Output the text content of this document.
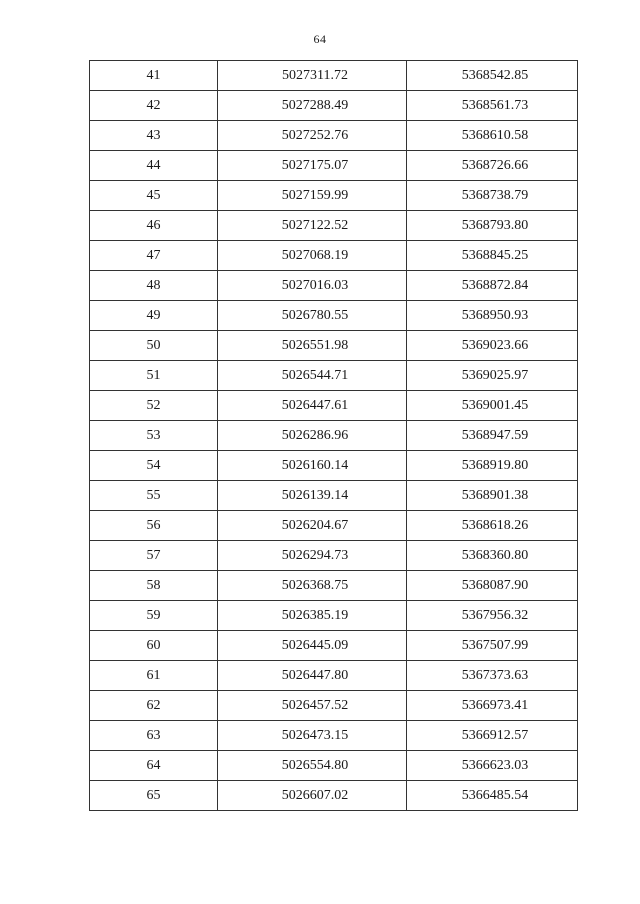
64
41	5027311.72	5368542.85
42	5027288.49	5368561.73
43	5027252.76	5368610.58
44	5027175.07	5368726.66
45	5027159.99	5368738.79
46	5027122.52	5368793.80
47	5027068.19	5368845.25
48	5027016.03	5368872.84
49	5026780.55	5368950.93
50	5026551.98	5369023.66
51	5026544.71	5369025.97
52	5026447.61	5369001.45
53	5026286.96	5368947.59
54	5026160.14	5368919.80
55	5026139.14	5368901.38
56	5026204.67	5368618.26
57	5026294.73	5368360.80
58	5026368.75	5368087.90
59	5026385.19	5367956.32
60	5026445.09	5367507.99
61	5026447.80	5367373.63
62	5026457.52	5366973.41
63	5026473.15	5366912.57
64	5026554.80	5366623.03
65	5026607.02	5366485.54
